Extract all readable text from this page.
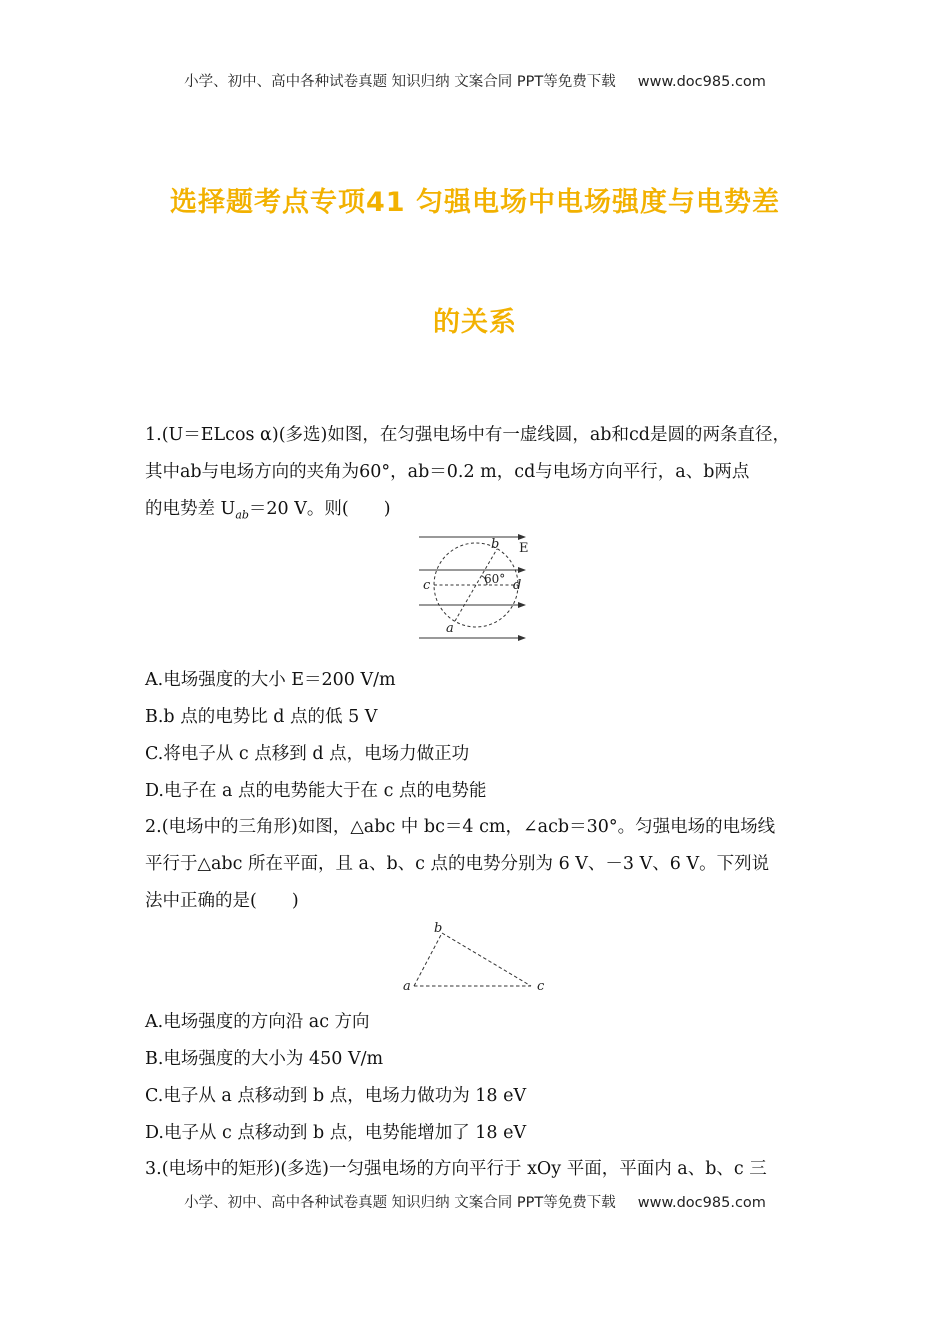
小学、初中、高中各种试卷真题 知识归纳 文案合同 PPT等免费下载 www.doc985.com
选择题考点专项41 匀强电场中电场强度与电势差
的关系
1.(U＝ELcos α)(多选)如图，在匀强电场中有一虚线圆，ab和cd是圆的两条直径，
其中ab与电场方向的夹角为60°，ab＝0.2 m，cd与电场方向平行，a、b两点
的电势差 $U_{ab}=20$ V。则(　　)
b E
c	d
a
60°
A.电场强度的大小 E＝200 V/m
B.b 点的电势比 d 点的低 5 V
C.将电子从 c 点移到 d 点，电场力做正功
D.电子在 a 点的电势能大于在 c 点的电势能
2.(电场中的三角形)如图，△abc 中 bc＝4 cm，∠acb＝30°。匀强电场的电场线
平行于△abc 所在平面，且 a、b、c 点的电势分别为 6 V、－3 V、6 V。下列说
法中正确的是(　　)
b
a	c
A.电场强度的方向沿 ac 方向
B.电场强度的大小为 450 V/m
C.电子从 a 点移动到 b 点，电场力做功为 18 eV
D.电子从 c 点移动到 b 点，电势能增加了 18 eV
3.(电场中的矩形)(多选)一匀强电场的方向平行于 xOy 平面，平面内 a、b、c 三
小学、初中、高中各种试卷真题 知识归纳 文案合同 PPT等免费下载 www.doc985.com
